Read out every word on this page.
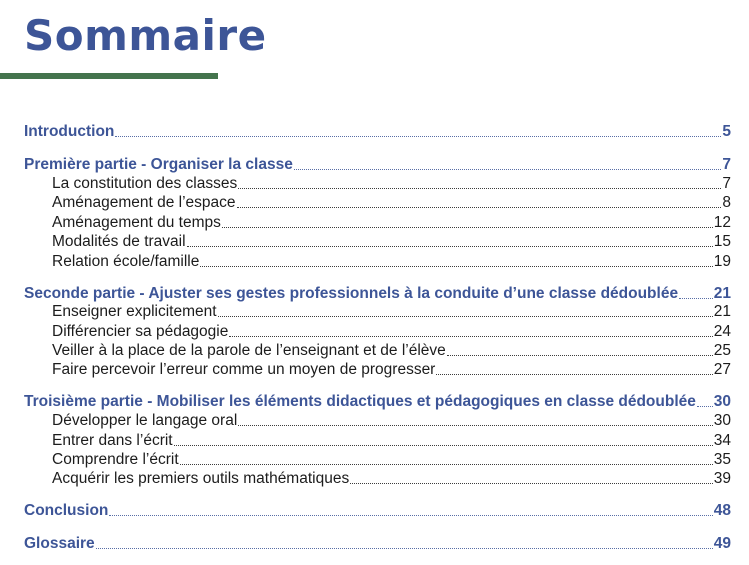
Sommaire
Introduction	5
Première partie - Organiser la classe	7
La constitution des classes	7
Aménagement de l’espace	8
Aménagement du temps	12
Modalités de travail	15
Relation école/famille	19
Seconde partie - Ajuster ses gestes professionnels à la conduite d’une classe dédoublée 21
Enseigner explicitement	21
Différencier sa pédagogie	24
Veiller à la place de la parole de l’enseignant et de l’élève	25
Faire percevoir l’erreur comme un moyen de progresser	27
Troisième partie - Mobiliser les éléments didactiques et pédagogiques en classe dédoublée 30
Développer le langage oral	30
Entrer dans l’écrit	34
Comprendre l’écrit	35
Acquérir les premiers outils mathématiques	39
Conclusion	48
Glossaire	49
